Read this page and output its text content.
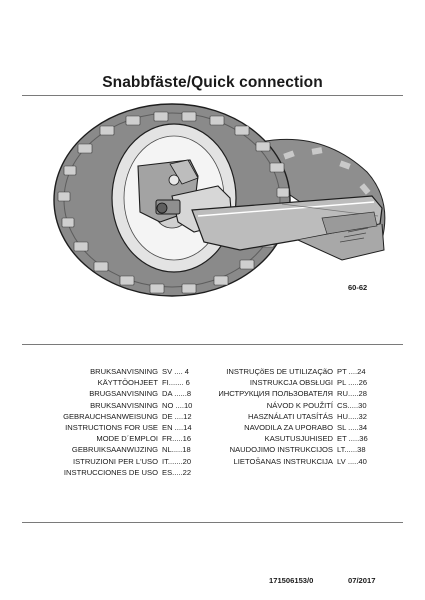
Snabbfäste/Quick connection
60-62
BRUKSANVISNING SV .... 4
KÄYTTÖOHJEET FI....... 6
BRUGSANVISNING DA ......8
BRUKSANVISNING NO ....10
GEBRAUCHSANWEISUNG DE ....12
INSTRUCTIONS FOR USE EN ....14
MODE D´EMPLOI FR.....16
GEBRUIKSAANWIJZING NL.....18
ISTRUZIONI PER L'USO IT.......20
INSTRUCCIONES DE USO ES.....22
INSTRUÇõES DE UTILIZAÇãO PT ....24
INSTRUKCJA OBSŁUGI PL .....26
ИНСТРУКЦИЯ ПОЛЬЗОВАТЕЛЯ RU.....28
NÁVOD K POUŽITÍ CS.....30
HASZNÁLATI UTASÍTÁS HU.....32
NAVODILA ZA UPORABO SL .....34
KASUTUSJUHISED ET .....36
NAUDOJIMO INSTRUKCIJOS LT......38
LIETOŠANAS INSTRUKCIJA LV .....40
171506153/0	07/2017
